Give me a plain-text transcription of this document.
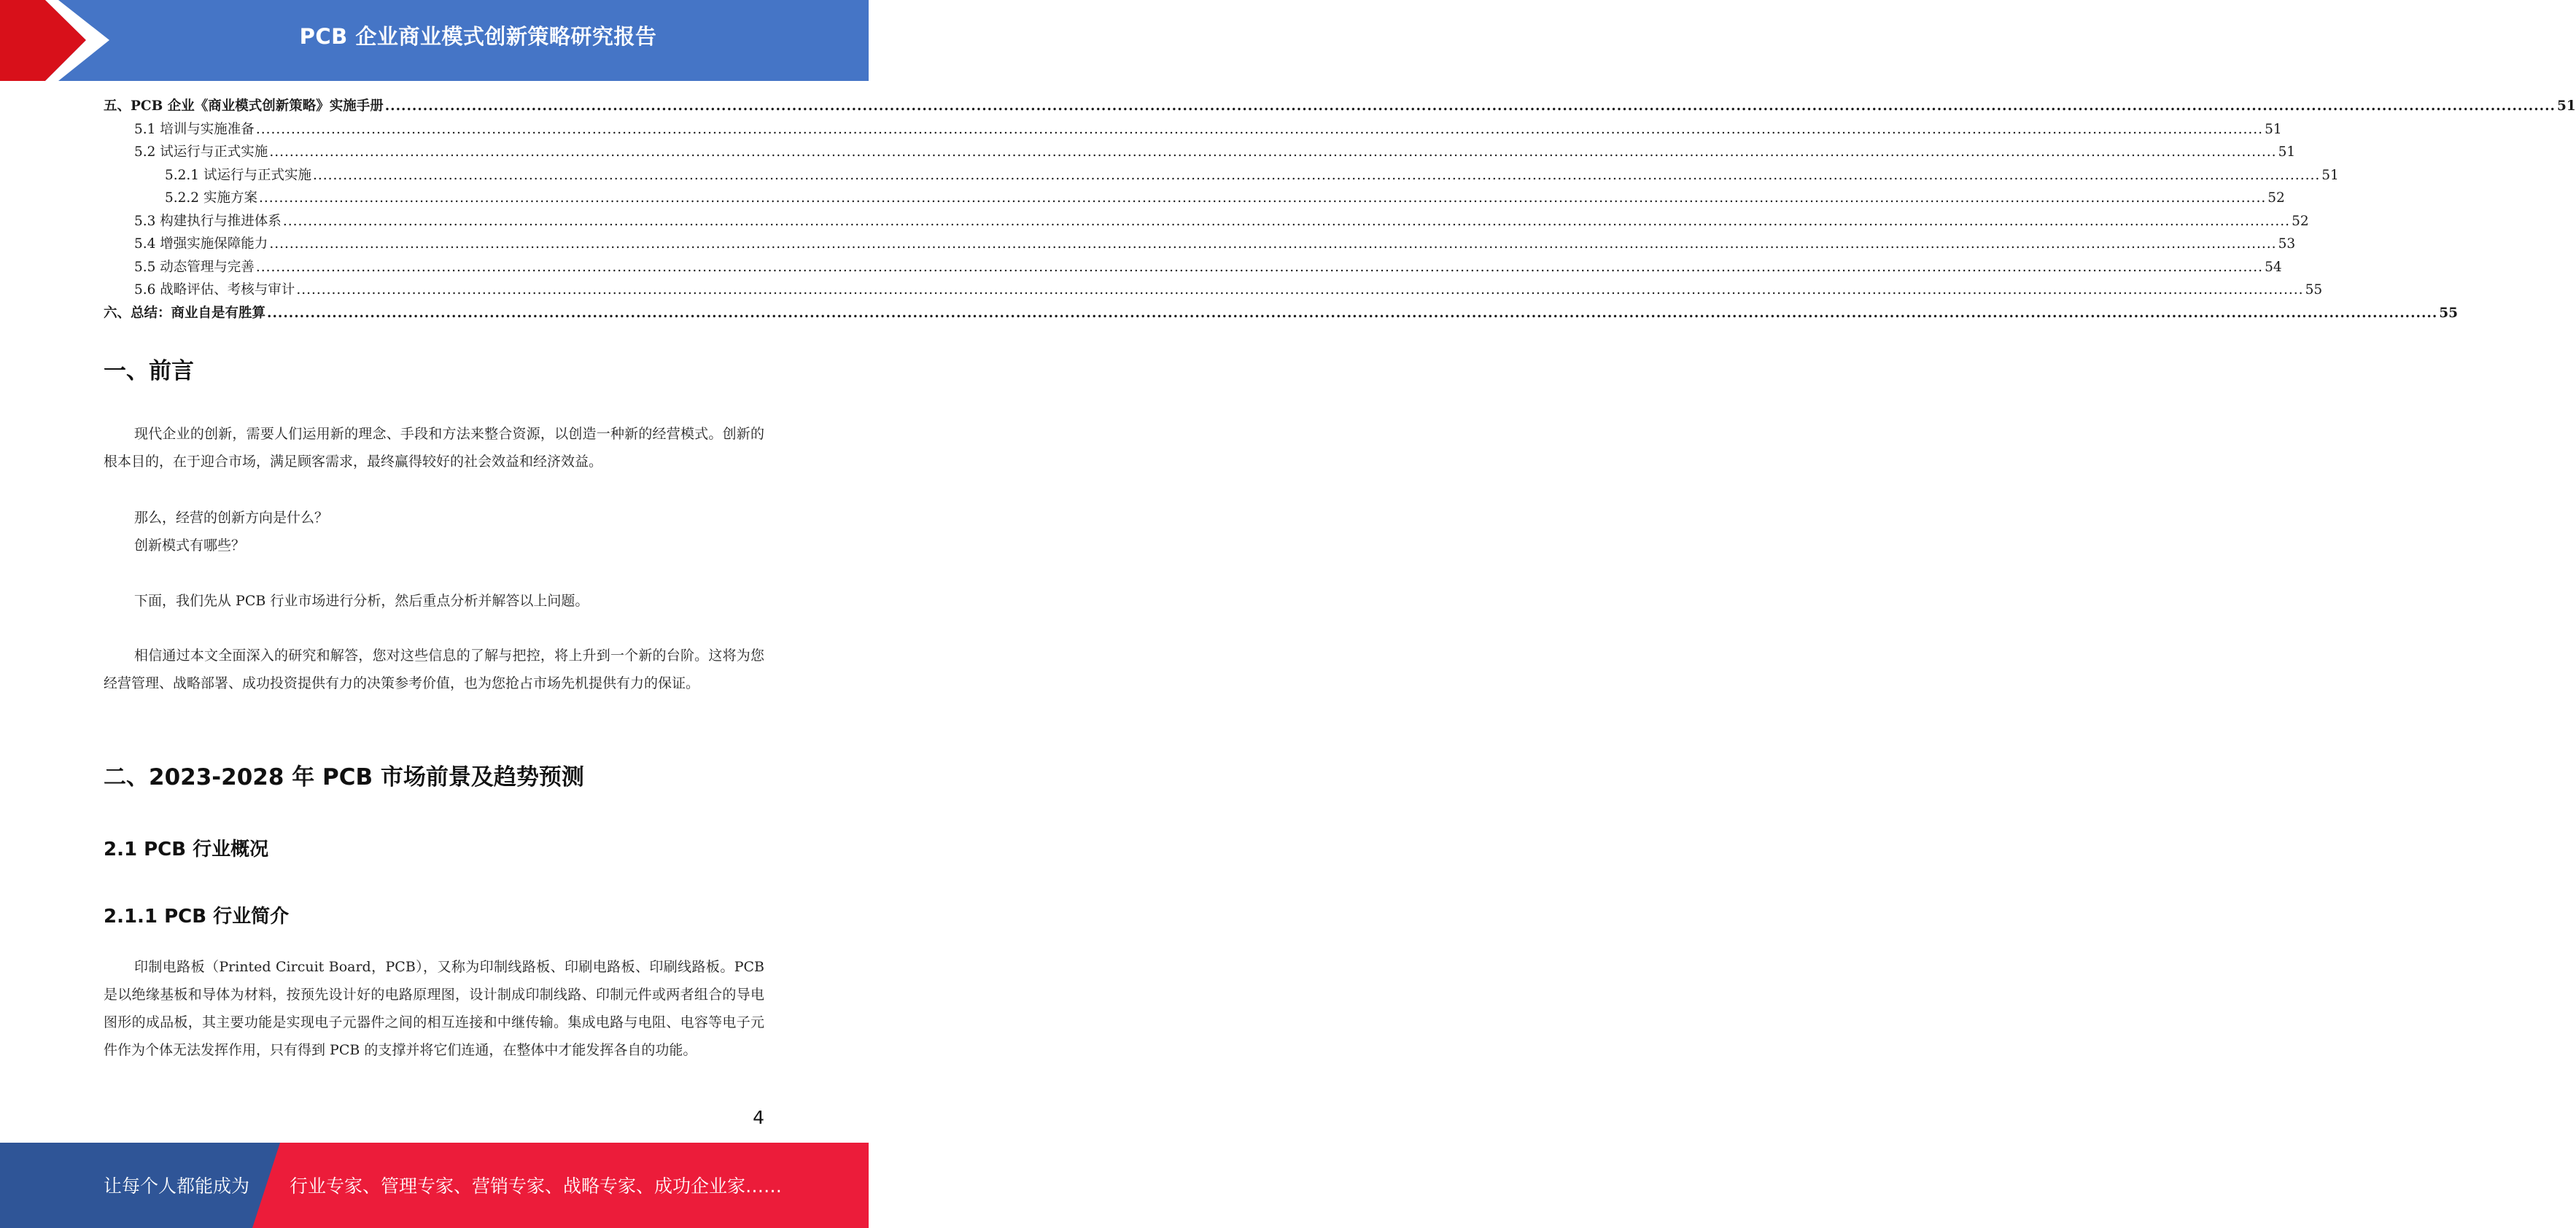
PCB 企业商业模式创新策略研究报告
五、PCB 企业《商业模式创新策略》实施手册 ................................................................................................................................................................................................................................................................................................................................................................................................................ 51
5.1 培训与实施准备 ................................................................................................................................................................................................................................................................................................................................................................................................................ 51
5.2 试运行与正式实施 ................................................................................................................................................................................................................................................................................................................................................................................................................ 51
5.2.1 试运行与正式实施 ................................................................................................................................................................................................................................................................................................................................................................................................................ 51
5.2.2 实施方案 ................................................................................................................................................................................................................................................................................................................................................................................................................ 52
5.3 构建执行与推进体系 ................................................................................................................................................................................................................................................................................................................................................................................................................ 52
5.4 增强实施保障能力 ................................................................................................................................................................................................................................................................................................................................................................................................................ 53
5.5 动态管理与完善 ................................................................................................................................................................................................................................................................................................................................................................................................................ 54
5.6 战略评估、考核与审计 ................................................................................................................................................................................................................................................................................................................................................................................................................ 55
六、总结：商业自是有胜算 ................................................................................................................................................................................................................................................................................................................................................................................................................ 55
一、前言

现代企业的创新，需要人们运用新的理念、手段和方法来整合资源，以创造一种新的经营模式。创新的根本目的，在于迎合市场，满足顾客需求，最终赢得较好的社会效益和经济效益。

那么，经营的创新方向是什么？
创新模式有哪些？
下面，我们先从 PCB 行业市场进行分析，然后重点分析并解答以上问题。

相信通过本文全面深入的研究和解答，您对这些信息的了解与把控，将上升到一个新的台阶。这将为您经营管理、战略部署、成功投资提供有力的决策参考价值，也为您抢占市场先机提供有力的保证。

二、2023-2028 年 PCB 市场前景及趋势预测
2.1 PCB 行业概况
2.1.1 PCB 行业简介

印制电路板（Printed Circuit Board，PCB），又称为印制线路板、印刷电路板、印刷线路板。PCB 是以绝缘基板和导体为材料，按预先设计好的电路原理图，设计制成印制线路、印制元件或两者组合的导电图形的成品板，其主要功能是实现电子元器件之间的相互连接和中继传输。集成电路与电阻、电容等电子元件作为个体无法发挥作用，只有得到 PCB 的支撑并将它们连通，在整体中才能发挥各自的功能。

4
让每个人都能成为 行业专家、管理专家、营销专家、战略专家、成功企业家……
